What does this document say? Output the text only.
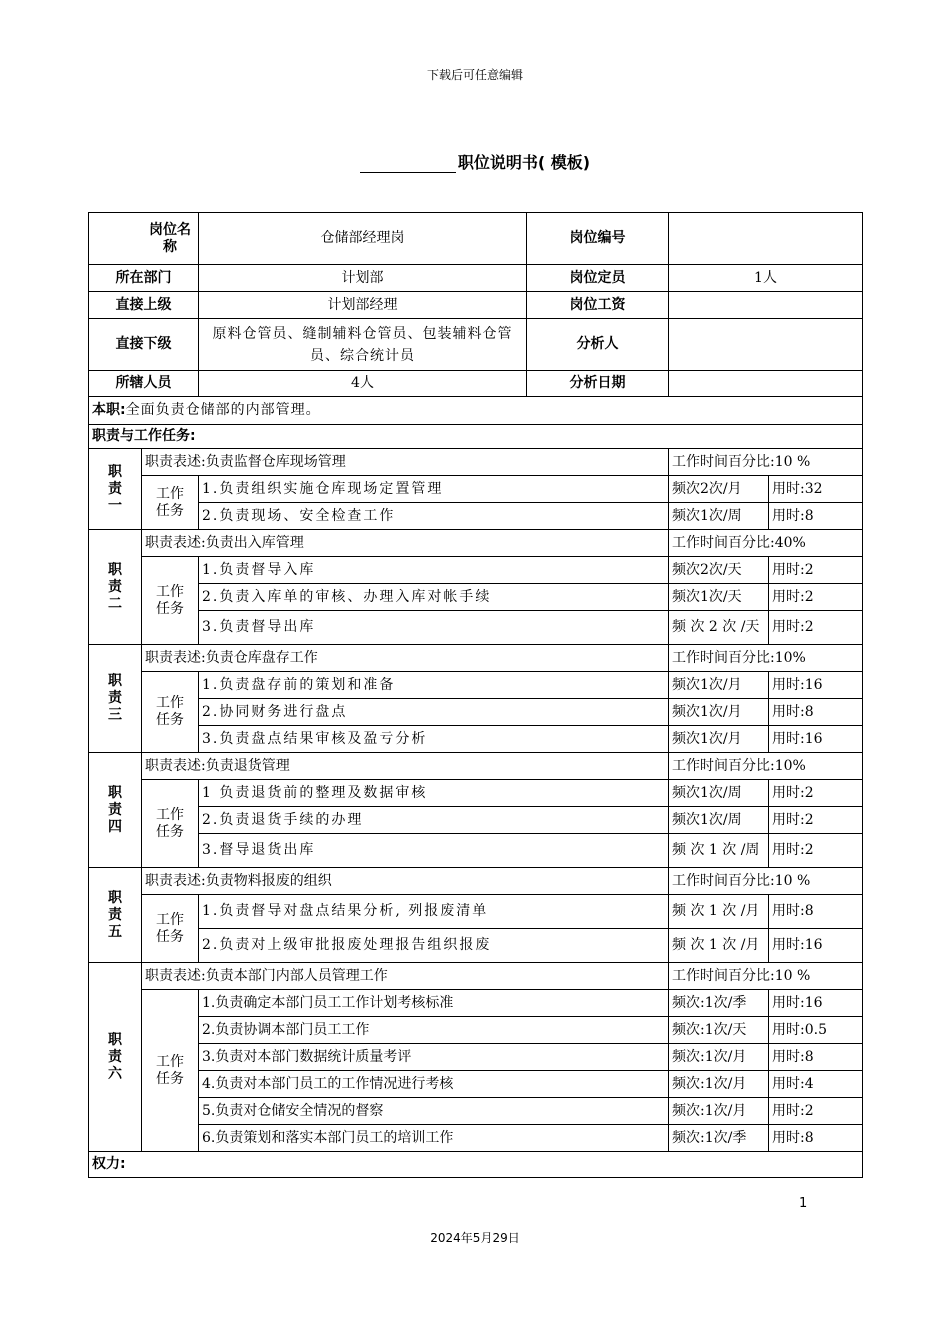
下载后可任意编辑
职位说明书( 模板)
岗位名称		仓储部经理岗	岗位编号		
所在部门		计划部	岗位定员	1人	
直接上级		计划部经理	岗位工资		
直接下级		原料仓管员、缝制辅料仓管员、包装辅料仓管员、综合统计员	分析人		
所辖人员		4人	分析日期		
本职:全面负责仓储部的内部管理。					
职责与工作任务:					

职责一	职责表述:负责监督仓库现场管理			工作时间百分比:10 %	

	工作任务	1.负责组织实施仓库现场定置管理		频次2次/月	用时:32
		2.负责现场、安全检查工作		频次1次/周	用时:8

职责二	职责表述:负责出入库管理			工作时间百分比:40%	

	工作任务	1.负责督导入库		频次2次/天	用时:2
		2.负责入库单的审核、办理入库对帐手续		频次1次/天	用时:2
		3.负责督导出库		频 次 2 次 /天	用时:2

职责三	职责表述:负责仓库盘存工作			工作时间百分比:10%	

	工作任务	1.负责盘存前的策划和准备		频次1次/月	用时:16
		2.协同财务进行盘点		频次1次/月	用时:8
		3.负责盘点结果审核及盈亏分析		频次1次/月	用时:16

职责四	职责表述:负责退货管理			工作时间百分比:10%	

	工作任务	1 负责退货前的整理及数据审核		频次1次/周	用时:2
		2.负责退货手续的办理		频次1次/周	用时:2
		3.督导退货出库		频 次 1 次 /周	用时:2

职责五	职责表述:负责物料报废的组织			工作时间百分比:10 %	

	工作任务	1.负责督导对盘点结果分析, 列报废清单		频 次 1 次 /月	用时:8
		2.负责对上级审批报废处理报告组织报废		频 次 1 次 /月	用时:16

职责六	职责表述:负责本部门内部人员管理工作			工作时间百分比:10 %	

	工作任务	1.负责确定本部门员工工作计划考核标准		频次:1次/季	用时:16
		2.负责协调本部门员工工作		频次:1次/天	用时:0.5
		3.负责对本部门数据统计质量考评		频次:1次/月	用时:8
		4.负责对本部门员工的工作情况进行考核		频次:1次/月	用时:4
		5.负责对仓储安全情况的督察		频次:1次/月	用时:2
		6.负责策划和落实本部门员工的培训工作		频次:1次/季	用时:8
权力:					
1
2024年5月29日
